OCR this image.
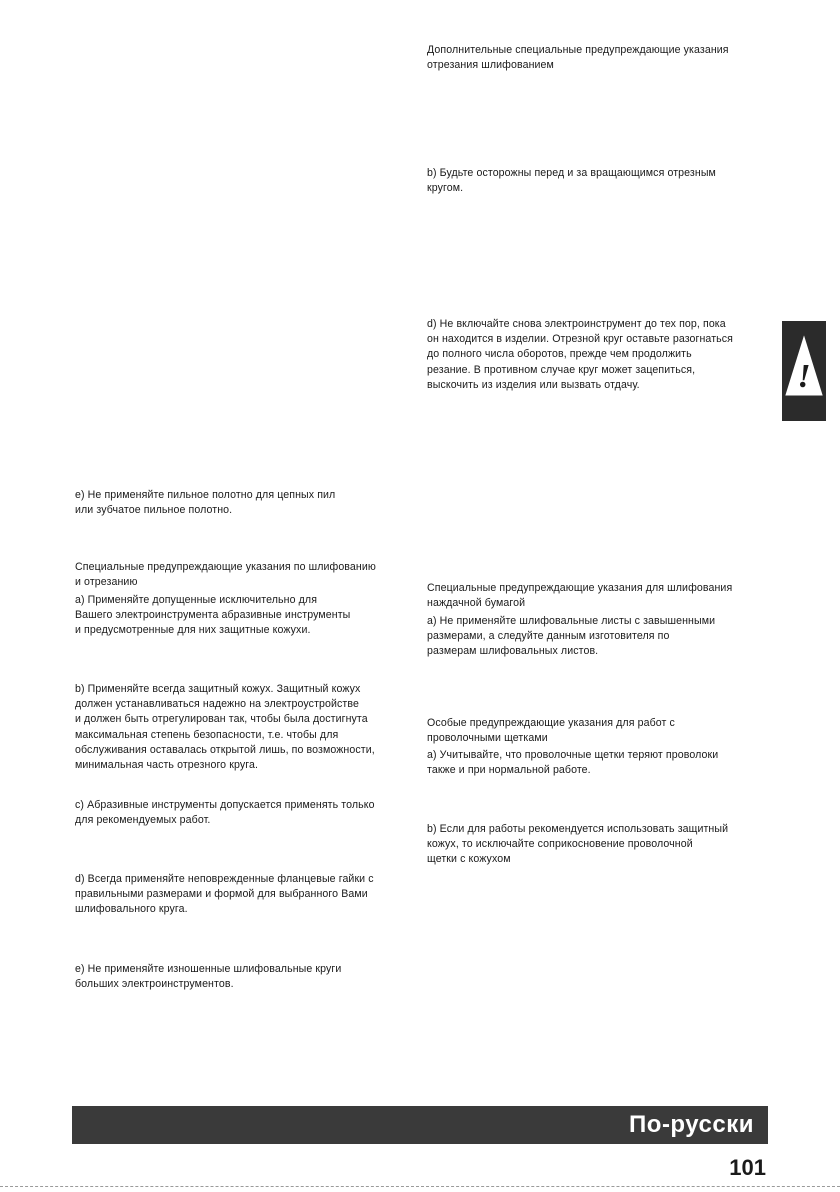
Дополнительные специальные предупреждающие указания
отрезания шлифованием
b) Будьте осторожны перед и за вращающимся отрезным
кругом.
d) Не включайте снова электроинструмент до тех пор, пока
он находится в изделии. Отрезной круг оставьте разогнаться
до полного числа оборотов, прежде чем продолжить
резание. В противном случае круг может зацепиться,
выскочить из изделия или вызвать отдачу.
е) Не применяйте пильное полотно для цепных пил
или зубчатое пильное полотно.
Специальные предупреждающие указания по шлифованию
и отрезанию
а) Применяйте допущенные исключительно для
Вашего электроинструмента абразивные инструменты
и предусмотренные для них защитные кожухи.
b) Применяйте всегда защитный кожух. Защитный кожух
должен устанавливаться надежно на электроустройстве
и должен быть отрегулирован так, чтобы была достигнута
максимальная степень безопасности, т.е. чтобы для
обслуживания оставалась открытой лишь, по возможности,
минимальная часть отрезного круга.
c) Абразивные инструменты допускается применять только
для рекомендуемых работ.
d) Всегда применяйте неповрежденные фланцевые гайки с
правильными размерами и формой для выбранного Вами
шлифовального круга.
e) Не применяйте изношенные шлифовальные круги
больших электроинструментов.
Специальные предупреждающие указания для шлифования
наждачной бумагой
а) Не применяйте шлифовальные листы с завышенными
размерами, а следуйте данным изготовителя по
размерам шлифовальных листов.
Особые предупреждающие указания для работ с
проволочными щетками
а) Учитывайте, что проволочные щетки теряют проволоки
также и при нормальной работе.
b) Если для работы рекомендуется использовать защитный
кожух, то исключайте соприкосновение проволочной
щетки с кожухом
!
По-русски
101
